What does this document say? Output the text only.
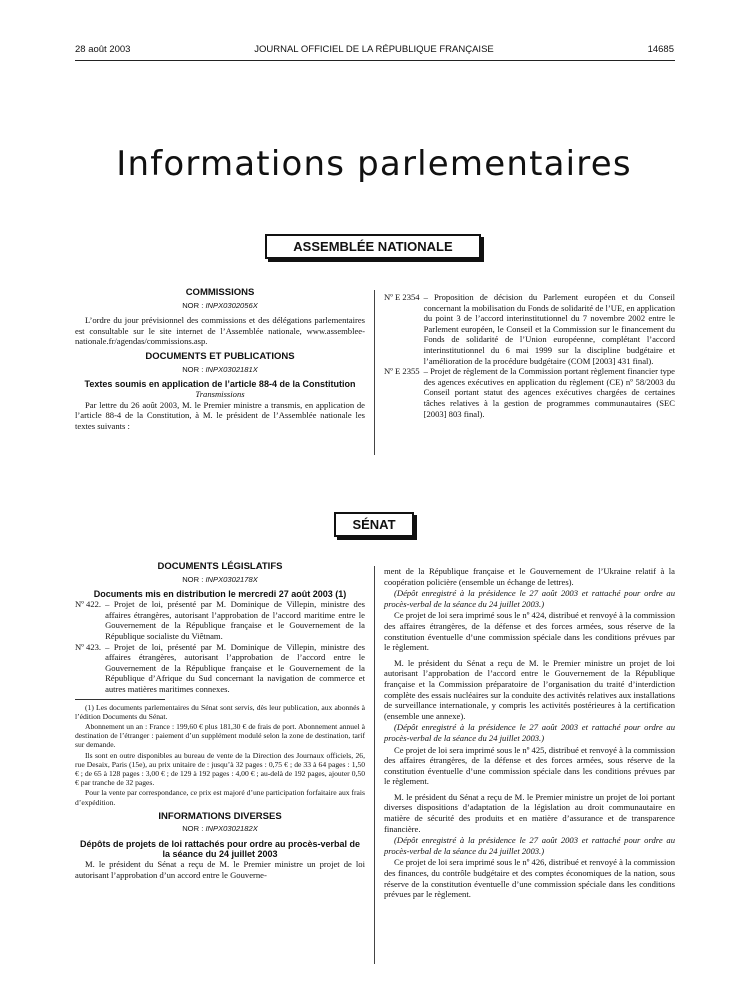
28 août 2003	JOURNAL OFFICIEL DE LA RÉPUBLIQUE FRANÇAISE	14685
Informations parlementaires
ASSEMBLÉE NATIONALE
COMMISSIONS
NOR : INPX0302056X

L’ordre du jour prévisionnel des commissions et des délégations parlementaires est consultable sur le site internet de l’Assemblée nationale, www.assemblee-nationale.fr/agendas/commissions.asp.

DOCUMENTS ET PUBLICATIONS
NOR : INPX0302181X
Textes soumis en application de l’article 88-4 de la Constitution
Transmissions

Par lettre du 26 août 2003, M. le Premier ministre a transmis, en application de l’article 88-4 de la Constitution, à M. le président de l’Assemblée nationale les textes suivants :

Nº E 2354 – Proposition de décision du Parlement européen et du Conseil concernant la mobilisation du Fonds de solidarité de l’UE, en application du point 3 de l’accord interinstitutionnel du 7 novembre 2002 entre le Parlement européen, le Conseil et la Commission sur le financement du Fonds de solidarité de l’Union européenne, complétant l’accord interinstitutionnel du 6 mai 1999 sur la discipline budgétaire et l’amélioration de la procédure budgétaire (COM [2003] 431 final).
Nº E 2355 – Projet de règlement de la Commission portant règlement financier type des agences exécutives en application du règlement (CE) nº 58/2003 du Conseil portant statut des agences exécutives chargées de certaines tâches relatives à la gestion de programmes communautaires (SEC [2003] 803 final).
SÉNAT
DOCUMENTS LÉGISLATIFS
NOR : INPX0302178X
Documents mis en distribution le mercredi 27 août 2003 (1)
Nº 422. – Projet de loi, présenté par M. Dominique de Villepin, ministre des affaires étrangères, autorisant l’approbation de l’accord maritime entre le Gouvernement de la République française et le Gouvernement de la République socialiste du Viêtnam.
Nº 423. – Projet de loi, présenté par M. Dominique de Villepin, ministre des affaires étrangères, autorisant l’approbation de l’accord entre le Gouvernement de la République française et le Gouvernement de la République d’Afrique du Sud concernant la navigation de commerce et autres matières maritimes connexes.

(1) Les documents parlementaires du Sénat sont servis, dès leur publication, aux abonnés à l’édition Documents du Sénat.

Abonnement un an : France : 199,60 € plus 181,30 € de frais de port. Abonnement annuel à destination de l’étranger : paiement d’un supplément modulé selon la zone de destination, tarif sur demande.

Ils sont en outre disponibles au bureau de vente de la Direction des Journaux officiels, 26, rue Desaix, Paris (15e), au prix unitaire de : jusqu’à 32 pages : 0,75 € ; de 33 à 64 pages : 1,50 € ; de 65 à 128 pages : 3,00 € ; de 129 à 192 pages : 4,00 € ; au-delà de 192 pages, ajouter 0,50 € par tranche de 32 pages.

Pour la vente par correspondance, ce prix est majoré d’une participation forfaitaire aux frais d’expédition.

INFORMATIONS DIVERSES
NOR : INPX0302182X
Dépôts de projets de loi rattachés pour ordre au procès-verbal de la séance du 24 juillet 2003

M. le président du Sénat a reçu de M. le Premier ministre un projet de loi autorisant l’approbation d’un accord entre le Gouverne-

ment de la République française et le Gouvernement de l’Ukraine relatif à la coopération policière (ensemble un échange de lettres).

(Dépôt enregistré à la présidence le 27 août 2003 et rattaché pour ordre au procès-verbal de la séance du 24 juillet 2003.)

Ce projet de loi sera imprimé sous le nº 424, distribué et renvoyé à la commission des affaires étrangères, de la défense et des forces armées, sous réserve de la constitution éventuelle d’une commission spéciale dans les conditions prévues par le règlement.

M. le président du Sénat a reçu de M. le Premier ministre un projet de loi autorisant l’approbation de l’accord entre le Gouvernement de la République française et la Commission préparatoire de l’organisation du traité d’interdiction complète des essais nucléaires sur la conduite des activités relatives aux installations de surveillance internationale, y compris les activités postérieures à la certification (ensemble une annexe).

(Dépôt enregistré à la présidence le 27 août 2003 et rattaché pour ordre au procès-verbal de la séance du 24 juillet 2003.)

Ce projet de loi sera imprimé sous le nº 425, distribué et renvoyé à la commission des affaires étrangères, de la défense et des forces armées, sous réserve de la constitution éventuelle d’une commission spéciale dans les conditions prévues par le règlement.

M. le président du Sénat a reçu de M. le Premier ministre un projet de loi portant diverses dispositions d’adaptation de la législation au droit communautaire en matière de sécurité des produits et en matière d’assurance et de transparence financière.

(Dépôt enregistré à la présidence le 27 août 2003 et rattaché pour ordre au procès-verbal de la séance du 24 juillet 2003.)

Ce projet de loi sera imprimé sous le nº 426, distribué et renvoyé à la commission des finances, du contrôle budgétaire et des comptes économiques de la nation, sous réserve de la constitution éventuelle d’une commission spéciale dans les conditions prévues par le règlement.
